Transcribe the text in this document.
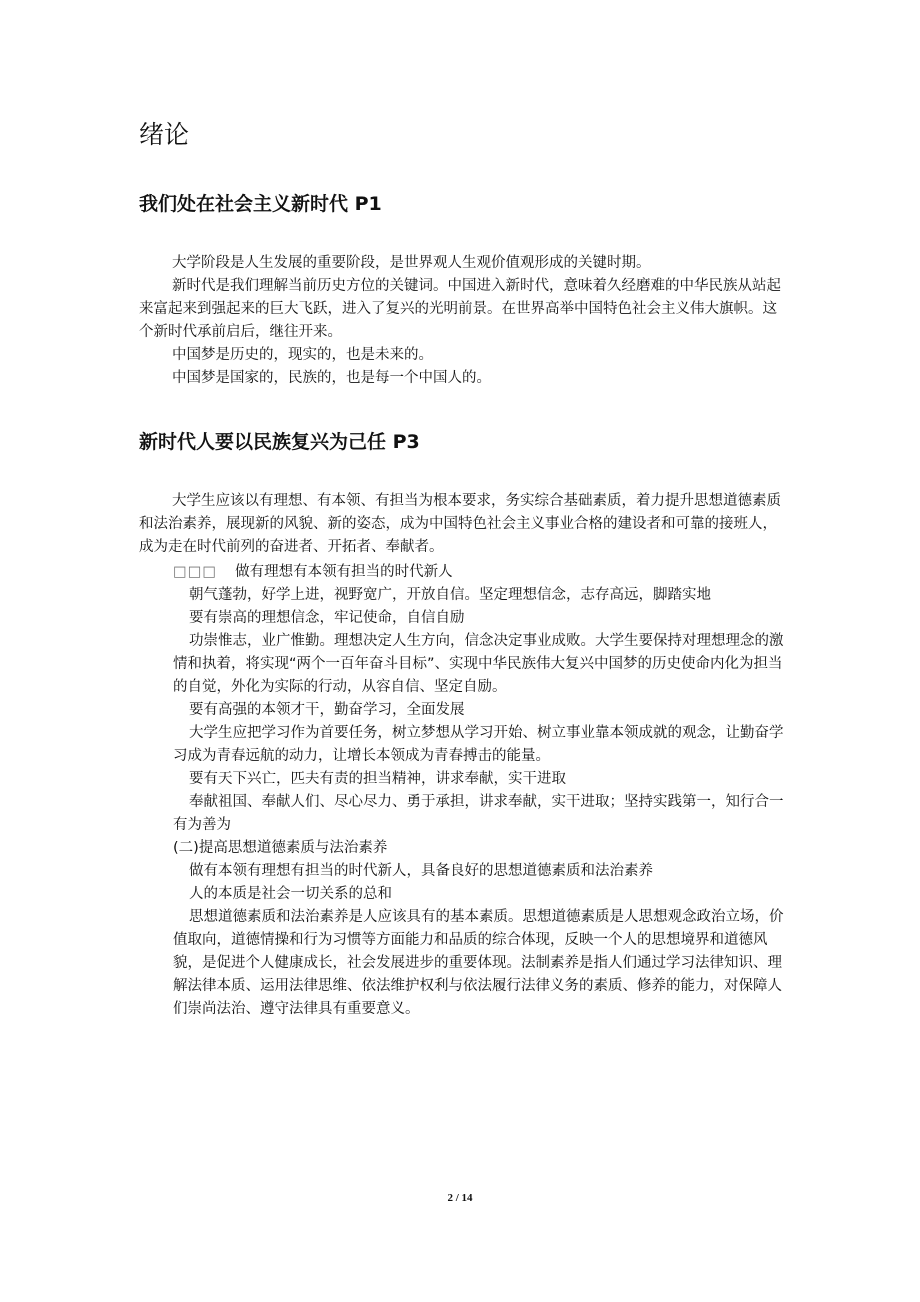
绪论
我们处在社会主义新时代 P1

大学阶段是人生发展的重要阶段，是世界观人生观价值观形成的关键时期。

新时代是我们理解当前历史方位的关键词。中国进入新时代，意味着久经磨难的中华民族从站起来富起来到强起来的巨大飞跃，进入了复兴的光明前景。在世界高举中国特色社会主义伟大旗帜。这个新时代承前启后，继往开来。

中国梦是历史的，现实的，也是未来的。

中国梦是国家的，民族的，也是每一个中国人的。

新时代人要以民族复兴为己任 P3

大学生应该以有理想、有本领、有担当为根本要求，务实综合基础素质，着力提升思想道德素质和法治素养，展现新的风貌、新的姿态，成为中国特色社会主义事业合格的建设者和可靠的接班人，成为走在时代前列的奋进者、开拓者、奉献者。

□□□ 做有理想有本领有担当的时代新人

朝气蓬勃，好学上进，视野宽广，开放自信。坚定理想信念，志存高远，脚踏实地

要有崇高的理想信念，牢记使命，自信自励

功崇惟志，业广惟勤。理想决定人生方向，信念决定事业成败。大学生要保持对理想理念的激情和执着，将实现“两个一百年奋斗目标”、实现中华民族伟大复兴中国梦的历史使命内化为担当的自觉，外化为实际的行动，从容自信、坚定自励。

要有高强的本领才干，勤奋学习，全面发展

大学生应把学习作为首要任务，树立梦想从学习开始、树立事业靠本领成就的观念，让勤奋学习成为青春远航的动力，让增长本领成为青春搏击的能量。

要有天下兴亡，匹夫有责的担当精神，讲求奉献，实干进取

奉献祖国、奉献人们、尽心尽力、勇于承担，讲求奉献，实干进取；坚持实践第一，知行合一有为善为

(二)提高思想道德素质与法治素养

做有本领有理想有担当的时代新人，具备良好的思想道德素质和法治素养

人的本质是社会一切关系的总和

思想道德素质和法治素养是人应该具有的基本素质。思想道德素质是人思想观念政治立场，价值取向，道德情操和行为习惯等方面能力和品质的综合体现，反映一个人的思想境界和道德风貌，是促进个人健康成长，社会发展进步的重要体现。法制素养是指人们通过学习法律知识、理解法律本质、运用法律思维、依法维护权利与依法履行法律义务的素质、修养的能力，对保障人们崇尚法治、遵守法律具有重要意义。

2 / 14
